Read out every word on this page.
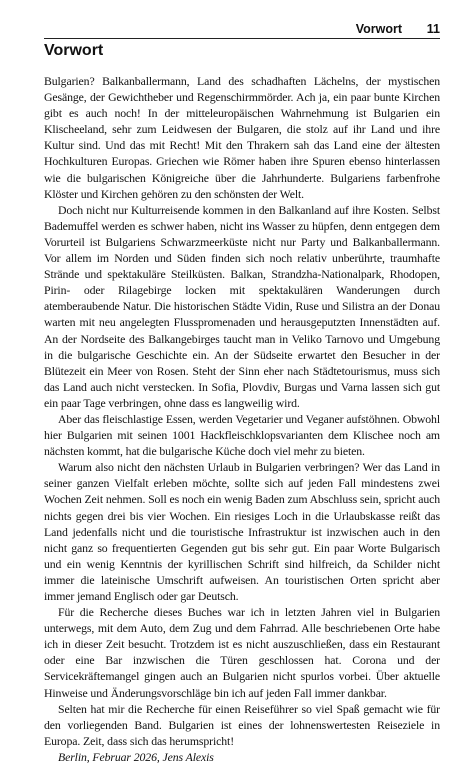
Vorwort 11
Vorwort

Bulgarien? Balkanballermann, Land des schadhaften Lächelns, der mystischen Gesänge, der Gewichtheber und Regenschirmmörder. Ach ja, ein paar bunte Kirchen gibt es auch noch! In der mitteleuropäischen Wahrnehmung ist Bulgarien ein Klischeeland, sehr zum Leidwesen der Bulgaren, die stolz auf ihr Land und ihre Kultur sind. Und das mit Recht! Mit den Thrakern sah das Land eine der ältesten Hochkulturen Europas. Griechen wie Römer haben ihre Spuren ebenso hinterlassen wie die bulgarischen Königreiche über die Jahrhunderte. Bulgariens farbenfrohe Klöster und Kirchen gehören zu den schönsten der Welt.

Doch nicht nur Kulturreisende kommen in den Balkanland auf ihre Kosten. Selbst Bademuffel werden es schwer haben, nicht ins Wasser zu hüpfen, denn entgegen dem Vorurteil ist Bulgariens Schwarzmeerküste nicht nur Party und Balkanballermann. Vor allem im Norden und Süden finden sich noch relativ unberührte, traumhafte Strände und spektakuläre Steilküsten. Balkan, Strandzha-Nationalpark, Rhodopen, Pirin- oder Rilagebirge locken mit spektakulären Wanderungen durch atemberaubende Natur. Die historischen Städte Vidin, Ruse und Silistra an der Donau warten mit neu angelegten Flusspromenaden und herausgeputzten Innenstädten auf. An der Nordseite des Balkangebirges taucht man in Veliko Tarnovo und Umgebung in die bulgarische Geschichte ein. An der Südseite erwartet den Besucher in der Blütezeit ein Meer von Rosen. Steht der Sinn eher nach Städtetourismus, muss sich das Land auch nicht verstecken. In Sofia, Plovdiv, Burgas und Varna lassen sich gut ein paar Tage verbringen, ohne dass es langweilig wird.

Aber das fleischlastige Essen, werden Vegetarier und Veganer aufstöhnen. Obwohl hier Bulgarien mit seinen 1001 Hackfleischklopsvarianten dem Klischee noch am nächsten kommt, hat die bulgarische Küche doch viel mehr zu bieten.

Warum also nicht den nächsten Urlaub in Bulgarien verbringen? Wer das Land in seiner ganzen Vielfalt erleben möchte, sollte sich auf jeden Fall mindestens zwei Wochen Zeit nehmen. Soll es noch ein wenig Baden zum Abschluss sein, spricht auch nichts gegen drei bis vier Wochen. Ein riesiges Loch in die Urlaubskasse reißt das Land jedenfalls nicht und die touristische Infrastruktur ist inzwischen auch in den nicht ganz so frequentierten Gegenden gut bis sehr gut. Ein paar Worte Bulgarisch und ein wenig Kenntnis der kyrillischen Schrift sind hilfreich, da Schilder nicht immer die lateinische Umschrift aufweisen. An touristischen Orten spricht aber immer jemand Englisch oder gar Deutsch.

Für die Recherche dieses Buches war ich in letzten Jahren viel in Bulgarien unterwegs, mit dem Auto, dem Zug und dem Fahrrad. Alle beschriebenen Orte habe ich in dieser Zeit besucht. Trotzdem ist es nicht auszuschließen, dass ein Restaurant oder eine Bar inzwischen die Türen geschlossen hat. Corona und der Servicekräftemangel gingen auch an Bulgarien nicht spurlos vorbei. Über aktuelle Hinweise und Änderungsvorschläge bin ich auf jeden Fall immer dankbar.

Selten hat mir die Recherche für einen Reiseführer so viel Spaß gemacht wie für den vorliegenden Band. Bulgarien ist eines der lohnenswertesten Reiseziele in Europa. Zeit, dass sich das herumspricht!

Berlin, Februar 2026, Jens Alexis
